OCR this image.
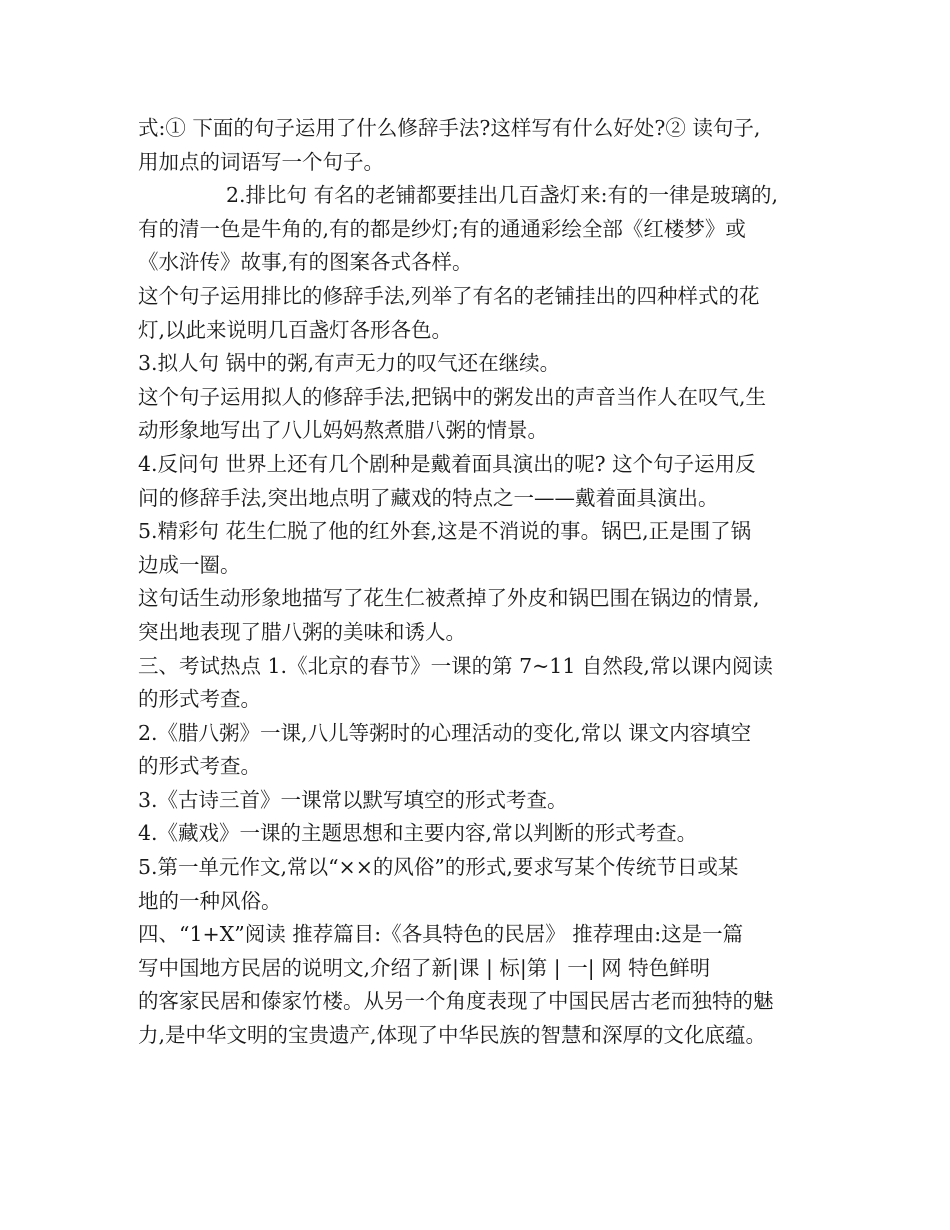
式:① 下面的句子运用了什么修辞手法?这样写有什么好处?② 读句子,
用加点的词语写一个句子。
2.排比句 有名的老铺都要挂出几百盏灯来:有的一律是玻璃的,
有的清一色是牛角的,有的都是纱灯;有的通通彩绘全部《红楼梦》或
《水浒传》故事,有的图案各式各样。
这个句子运用排比的修辞手法,列举了有名的老铺挂出的四种样式的花
灯,以此来说明几百盏灯各形各色。
3.拟人句 锅中的粥,有声无力的叹气还在继续。
这个句子运用拟人的修辞手法,把锅中的粥发出的声音当作人在叹气,生
动形象地写出了八儿妈妈熬煮腊八粥的情景。
4.反问句 世界上还有几个剧种是戴着面具演出的呢? 这个句子运用反
问的修辞手法,突出地点明了藏戏的特点之一——戴着面具演出。
5.精彩句 花生仁脱了他的红外套,这是不消说的事。锅巴,正是围了锅
边成一圈。
这句话生动形象地描写了花生仁被煮掉了外皮和锅巴围在锅边的情景,
突出地表现了腊八粥的美味和诱人。
三、考试热点 1.《北京的春节》一课的第 7~11 自然段,常以课内阅读
的形式考查。
2.《腊八粥》一课,八儿等粥时的心理活动的变化,常以 课文内容填空
的形式考查。
3.《古诗三首》一课常以默写填空的形式考查。
4.《藏戏》一课的主题思想和主要内容,常以判断的形式考查。
5.第一单元作文,常以“××的风俗”的形式,要求写某个传统节日或某
地的一种风俗。
四、“1+X”阅读 推荐篇目:《各具特色的民居》 推荐理由:这是一篇
写中国地方民居的说明文,介绍了新|课 | 标|第 | 一| 网 特色鲜明
的客家民居和傣家竹楼。从另一个角度表现了中国民居古老而独特的魅
力,是中华文明的宝贵遗产,体现了中华民族的智慧和深厚的文化底蕴。
